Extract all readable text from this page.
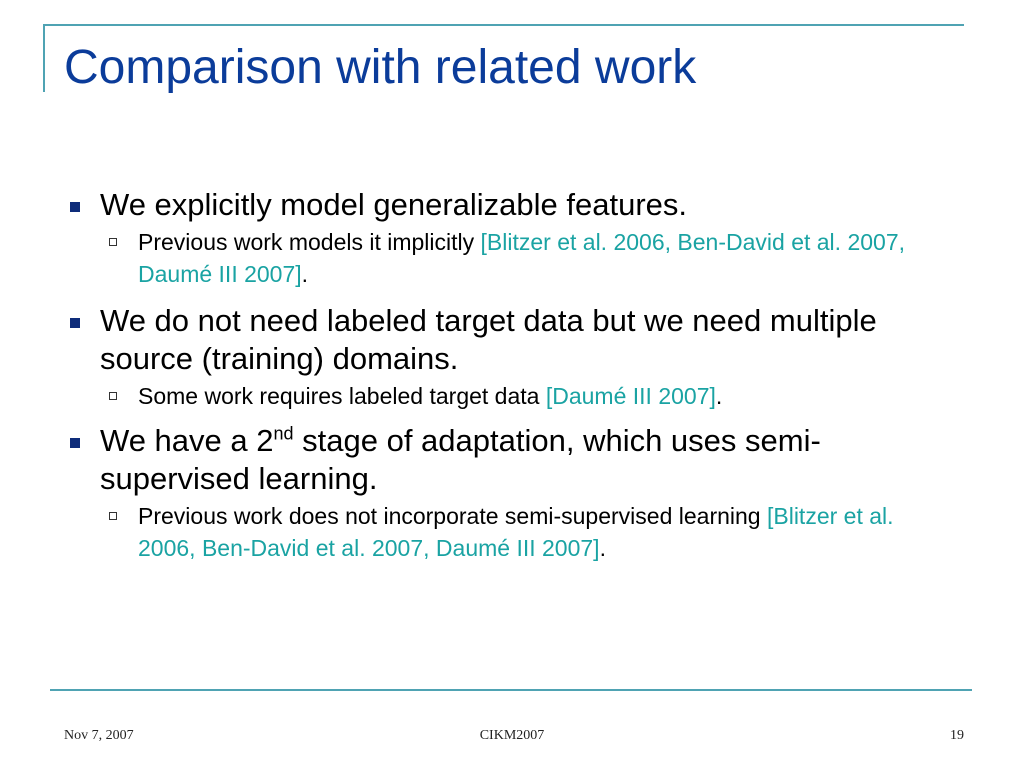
Comparison with related work
We explicitly model generalizable features.
Previous work models it implicitly [Blitzer et al. 2006, Ben-David et al. 2007, Daumé III 2007].
We do not need labeled target data but we need multiple source (training) domains.
Some work requires labeled target data [Daumé III 2007].
We have a 2nd stage of adaptation, which uses semi-supervised learning.
Previous work does not incorporate semi-supervised learning [Blitzer et al. 2006, Ben-David et al. 2007, Daumé III 2007].
Nov 7, 2007	CIKM2007	19
